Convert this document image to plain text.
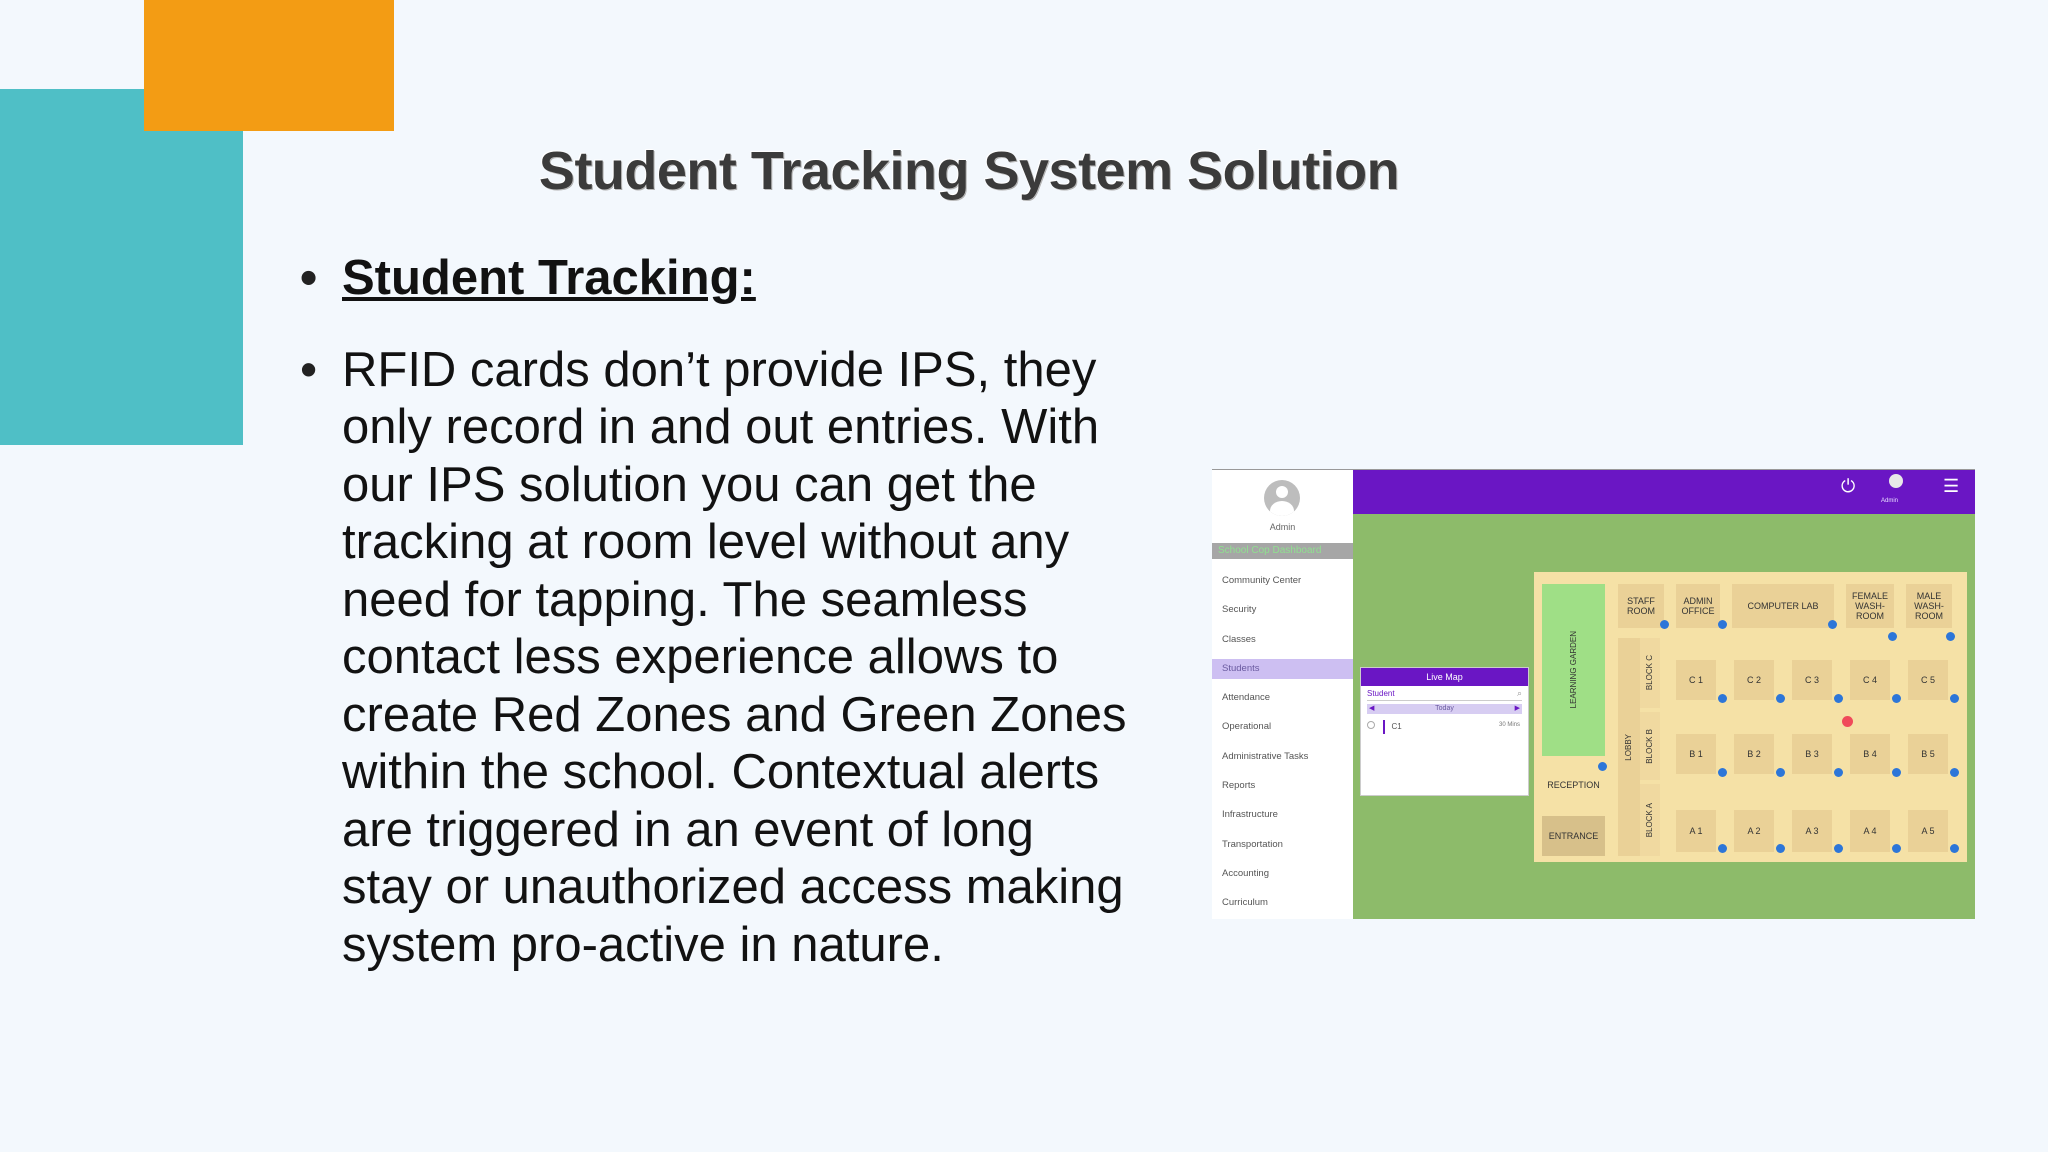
Student Tracking System Solution
• Student Tracking:
• RFID cards don’t provide IPS, they
only record in and out entries. With
our IPS solution you can get the
tracking at room level without any
need for tapping. The seamless
contact less experience allows to
create Red Zones and Green Zones
within the school. Contextual alerts
are triggered in an event of long
stay or unauthorized access making
system pro-active in nature.
Admin
School Cop Dashboard
Community Center
Security
Classes
Students
Attendance
Operational
Administrative Tasks
Reports
Infrastructure
Transportation
Accounting
Curriculum
⏻
Admin
☰
Live Map
Student	⌕
◀	Today	▶
C1	30 Mins
LEARNING GARDEN
RECEPTION
ENTRANCE
LOBBY
BLOCK C
BLOCK B
BLOCK A
STAFF ROOM
ADMIN OFFICE	COMPUTER LAB
FEMALE WASH-ROOM
MALE WASH-ROOM
C 1	C 2	C 3	C 4	C 5
B 1	B 2	B 3	B 4	B 5
A 1	A 2	A 3	A 4	A 5
